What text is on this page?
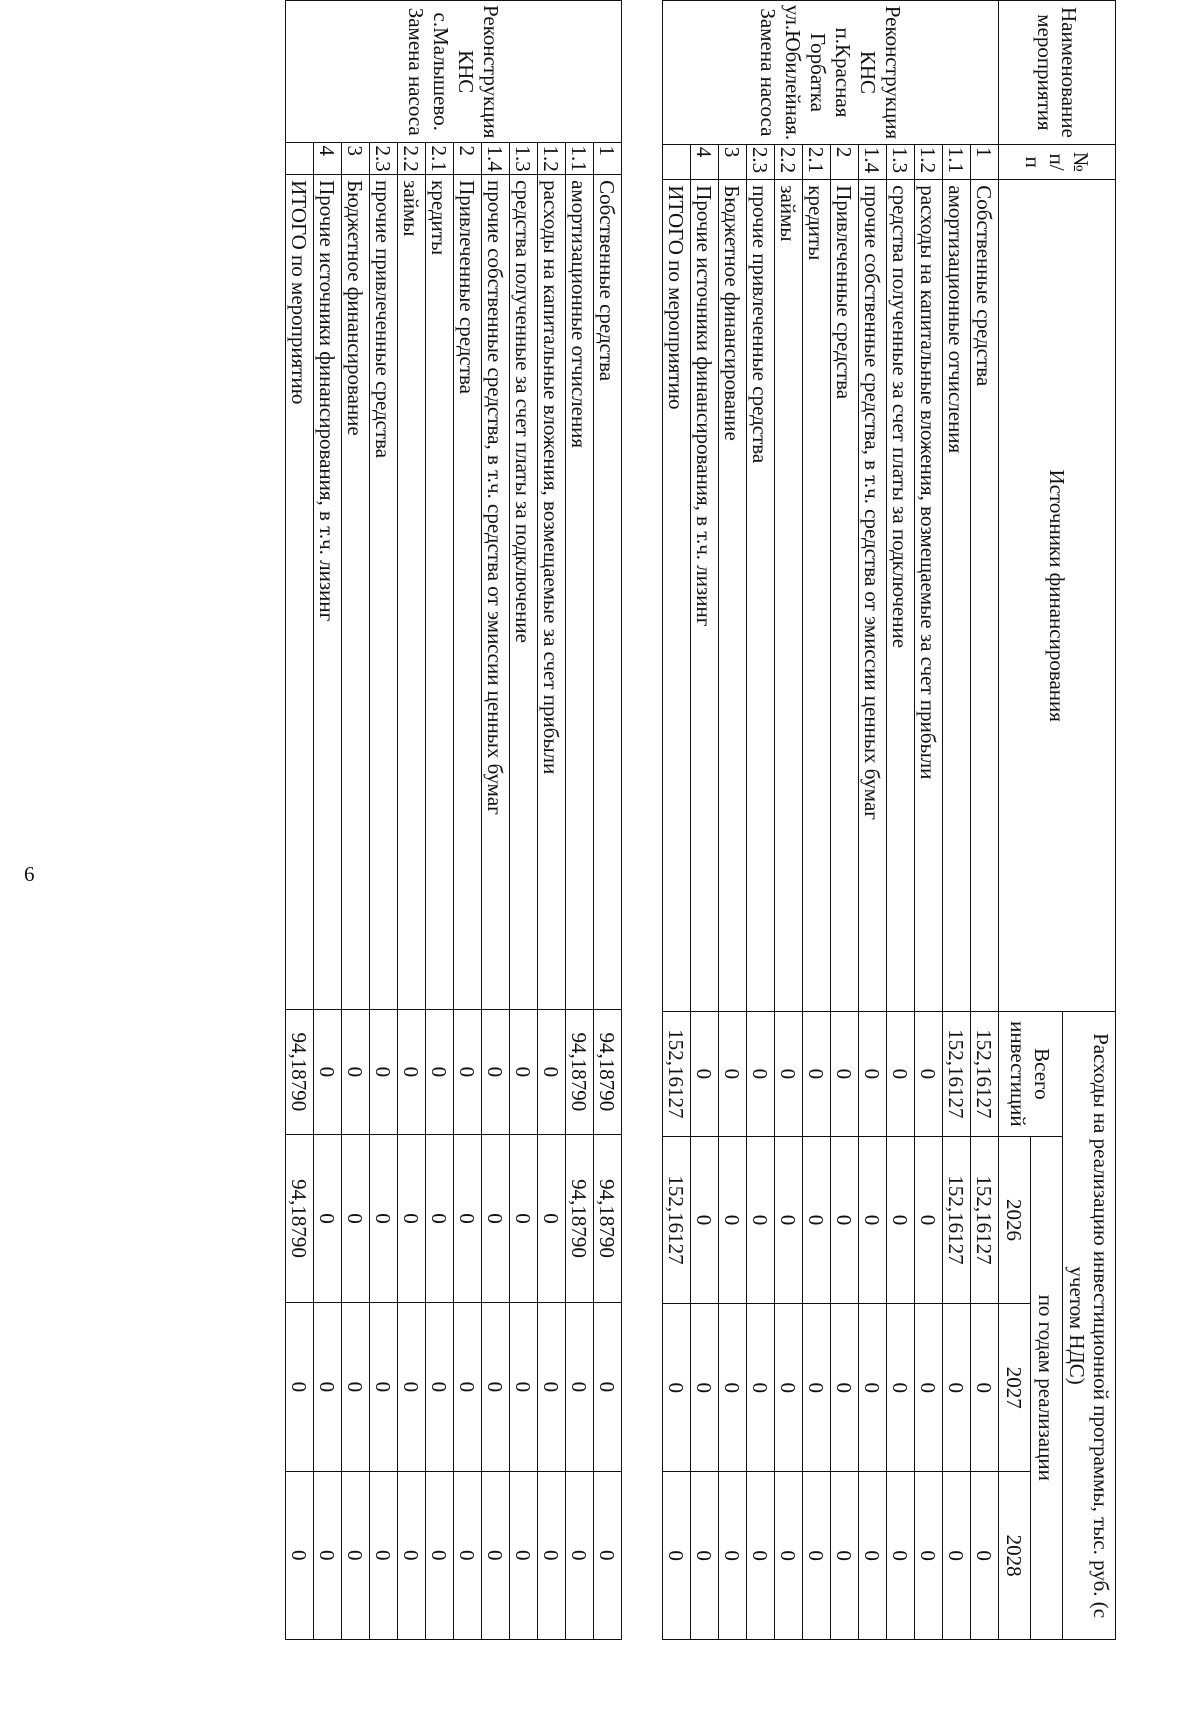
6
Наименование мероприятия	№ п/п	Источники финансирования	Расходы на реализацию инвестиционной программы, тыс. руб. (с учетом НДС)			
			Всего инвестиций	по годам реализации		
				2026	2027	2028
Реконструкция КНС п.Красная Горбатка ул.Юбилейная. Замена насоса	1	Собственные средства	152,16127	152,16127	0	0
	1.1	амортизационные отчисления	152,16127	152,16127	0	0
	1.2	расходы на капитальные вложения, возмещаемые за счет прибыли	0	0	0	0
	1.3	средства полученные за счет платы за подключение	0	0	0	0
	1.4	прочие собственные средства, в т.ч. средства от эмиссии ценных бумаг	0	0	0	0
	2	Привлеченные средства	0	0	0	0
	2.1	кредиты	0	0	0	0
	2.2	займы	0	0	0	0
	2.3	прочие привлеченные средства	0	0	0	0
	3	Бюджетное финансирование	0	0	0	0
	4	Прочие источники финансирования, в т.ч. лизинг	0	0	0	0
		ИТОГО по мероприятию	152,16127	152,16127	0	0
Реконструкция КНС с.Малышево. Замена насоса	1	Собственные средства	94,18790	94,18790	0	0
	1.1	амортизационные отчисления	94,18790	94,18790	0	0
	1.2	расходы на капитальные вложения, возмещаемые за счет прибыли	0	0	0	0
	1.3	средства полученные за счет платы за подключение	0	0	0	0
	1.4	прочие собственные средства, в т.ч. средства от эмиссии ценных бумаг	0	0	0	0
	2	Привлеченные средства	0	0	0	0
	2.1	кредиты	0	0	0	0
	2.2	займы	0	0	0	0
	2.3	прочие привлеченные средства	0	0	0	0
	3	Бюджетное финансирование	0	0	0	0
	4	Прочие источники финансирования, в т.ч. лизинг	0	0	0	0
		ИТОГО по мероприятию	94,18790	94,18790	0	0
